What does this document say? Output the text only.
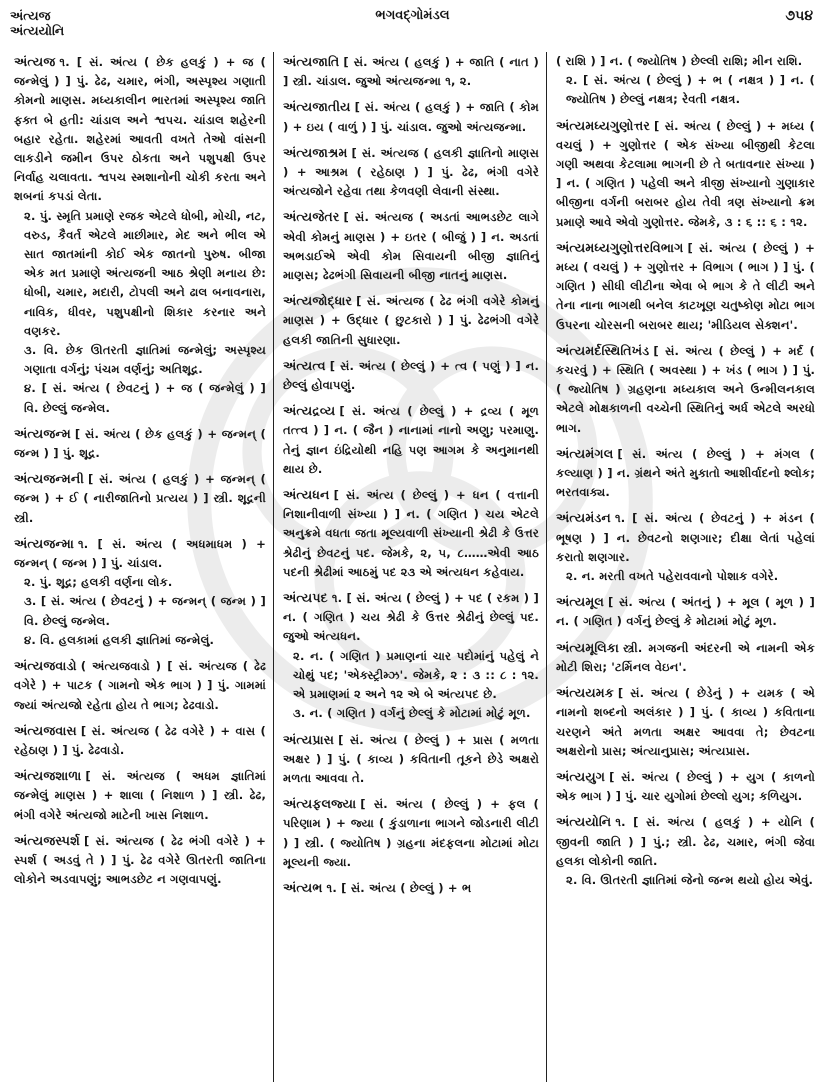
અંત્યજ
અંત્યયોનિ
ભગવદ્ગોમંડલ	૭૫૪
અંત્યજ ૧. [ સં. અંત્ય ( છેક હલકું ) + જ ( જન્મેલું ) ] પું. ઢેઢ, ચમાર, ભંગી, અસ્પૃશ્ય ગણાતી કોમનો માણસ. મધ્યકાલીન ભારતમાં અસ્પૃશ્ય જાતિ ફક્ત બે હતી: ચાંડાલ અને શ્વપચ. ચાંડાલ શહેરની બહાર રહેતા. શહેરમાં આવતી વખતે તેઓ વાંસની લાકડીને જમીન ઉપર ઠોકતા અને પશુપક્ષી ઉપર નિર્વાહ ચલાવતા. શ્વપચ સ્મશાનોની ચોકી કરતા અને શબનાં કપડાં લેતા.
૨. પું. સ્મૃતિ પ્રમાણે રજક એટલે ધોબી, મોચી, નટ, વરુડ, કૈવર્ત એટલે માછીમાર, મેદ અને ભીલ એ સાત જાતમાંની કોઈ એક જાતનો પુરુષ. બીજા એક મત પ્રમાણે અંત્યજની આઠ શ્રેણી મનાય છે: ધોબી, ચમાર, મદારી, ટોપલી અને ઢાલ બનાવનારા, નાવિક, ધીવર, પશુપક્ષીનો શિકાર કરનાર અને વણકર.
૩. વિ. છેક ઊતરતી જ્ઞાતિમાં જન્મેલું; અસ્પૃશ્ય ગણાતા વર્ગનું; પંચમ વર્ણનું; અતિશૂદ્ર.
૪. [ સં. અંત્ય ( છેવટનું ) + જ ( જન્મેલું ) ] વિ. છેલ્લું જન્મેલ.
અંત્યજન્મ [ સં. અંત્ય ( છેક હલકું ) + જન્મન્ ( જન્મ ) ] પું. શૂદ્ર.
અંત્યજન્મની [ સં. અંત્ય ( હલકું ) + જન્મન્ ( જન્મ ) + ઈ ( નારીજાતિનો પ્રત્યય ) ] સ્ત્રી. શૂદ્રની સ્ત્રી.
અંત્યજન્મા ૧. [ સં. અંત્ય ( અધમાધમ ) + જન્મન્ ( જન્મ ) ] પું. ચાંડાલ.
૨. પું. શૂદ્ર; હલકી વર્ણના લોક.
૩. [ સં. અંત્ય ( છેવટનું ) + જન્મન્ ( જન્મ ) ] વિ. છેલ્લું જન્મેલ.
૪. વિ. હલકામાં હલકી જ્ઞાતિમાં જન્મેલું.
અંત્યજવાડો ( અંત્યજવાડો ) [ સં. અંત્યજ ( ઢેઢ વગેરે ) + પાટક ( ગામનો એક ભાગ ) ] પું. ગામમાં જ્યાં અંત્યજો રહેતા હોય તે ભાગ; ઢેઢવાડો.
અંત્યજવાસ [ સં. અંત્યજ ( ઢેઢ વગેરે ) + વાસ ( રહેઠાણ ) ] પું. ઢેઢવાડો.
અંત્યજશાળા [ સં. અંત્યજ ( અધમ જ્ઞાતિમાં જન્મેલું માણસ ) + શાલા ( નિશાળ ) ] સ્ત્રી. ઢેઢ, ભંગી વગેરે અંત્યજો માટેની ખાસ નિશાળ.
અંત્યજસ્પર્શ [ સં. અંત્યજ ( ઢેઢ ભંગી વગેરે ) + સ્પર્શ ( અડવું તે ) ] પું. ઢેઢ વગેરે ઊતરતી જાતિના લોકોને અડવાપણું; આભડછેટ ન ગણવાપણું.
અંત્યજાતિ [ સં. અંત્ય ( હલકું ) + જાતિ ( નાત ) ] સ્ત્રી. ચાંડાલ. જુઓ અંત્યજન્મા ૧, ૨.
અંત્યજાતીય [ સં. અંત્ય ( હલકું ) + જાતિ ( કોમ ) + ઇય ( વાળું ) ] પું. ચાંડાલ. જુઓ અંત્યજન્મા.
અંત્યજાશ્રમ [ સં. અંત્યજ ( હલકી જ્ઞાતિનો માણસ ) + આશ્રમ ( રહેઠાણ ) ] પું. ઢેઢ, ભંગી વગેરે અંત્યજોને રહેવા તથા કેળવણી લેવાની સંસ્થા.
અંત્યજેતર [ સં. અંત્યજ ( અડતાં આભડછેટ લાગે એવી કોમનું માણસ ) + ઇતર ( બીજું ) ] ન. અડતાં અભડાઈએ એવી કોમ સિવાયની બીજી જ્ઞાતિનું માણસ; ઢેઢભંગી સિવાયની બીજી નાતનું માણસ.
અંત્યજોદ્ધાર [ સં. અંત્યજ ( ઢેઢ ભંગી વગેરે કોમનું માણસ ) + ઉદ્ધાર ( છુટકારો ) ] પું. ઢેઢભંગી વગેરે હલકી જાતિની સુધારણા.
અંત્યત્વ [ સં. અંત્ય ( છેલ્લું ) + ત્વ ( પણું ) ] ન. છેલ્લું હોવાપણું.
અંત્યદ્રવ્ય [ સં. અંત્ય ( છેલ્લું ) + દ્રવ્ય ( મૂળ તત્ત્વ ) ] ન. ( જૈન ) નાનામાં નાનો અણુ; પરમાણુ. તેનું જ્ઞાન ઇંદ્રિયોથી નહિ પણ આગમ કે અનુમાનથી થાય છે.
અંત્યધન [ સં. અંત્ય ( છેલ્લું ) + ધન ( વત્તાની નિશાનીવાળી સંખ્યા ) ] ન. ( ગણિત ) ચય એટલે અનુક્રમે વધતા જતા મૂલ્યવાળી સંખ્યાની શ્રેઢી કે ઉત્તર શ્રેઢીનું છેવટનું પદ. જેમકે, ૨, ૫, ૮……એવી આઠ પદની શ્રેઢીમાં આઠમું પદ ૨૩ એ અંત્યધન કહેવાય.
અંત્યપદ ૧. [ સં. અંત્ય ( છેલ્લું ) + પદ ( રકમ ) ] ન. ( ગણિત ) ચય શ્રેઢી કે ઉત્તર શ્રેઢીનું છેલ્લું પદ. જુઓ અંત્યધન.
૨. ન. ( ગણિત ) પ્રમાણનાં ચાર પદોમાંનું પહેલું ને ચોથું પદ; 'એક્સ્ટ્રીમ્ઝ'. જેમકે, ૨ : ૩ :: ૮ : ૧૨. એ પ્રમાણમાં ૨ અને ૧૨ એ બે અંત્યપદ છે.
૩. ન. ( ગણિત ) વર્ગનું છેલ્લું કે મોટામાં મોટું મૂળ.
અંત્યપ્રાસ [ સં. અંત્ય ( છેલ્લું ) + પ્રાસ ( મળતા અક્ષર ) ] પું. ( કાવ્ય ) કવિતાની તૂકને છેડે અક્ષરો મળતા આવવા તે.
અંત્યફલજ્યા [ સં. અંત્ય ( છેલ્લું ) + ફલ ( પરિણામ ) + જ્યા ( કુંડાળાના ભાગને જોડનારી લીટી ) ] સ્ત્રી. ( જ્યોતિષ ) ગ્રહના મંદફલના મોટામાં મોટા મૂલ્યની જ્યા.
અંત્યભ ૧. [ સં. અંત્ય ( છેલ્લું ) + ભ
( રાશિ ) ] ન. ( જ્યોતિષ ) છેલ્લી રાશિ; મીન રાશિ.
૨. [ સં. અંત્ય ( છેલ્લું ) + ભ ( નક્ષત્ર ) ] ન. ( જ્યોતિષ ) છેલ્લું નક્ષત્ર; રેવતી નક્ષત્ર.
અંત્યમધ્યગુણોત્તર [ સં. અંત્ય ( છેલ્લું ) + મધ્ય ( વચલું ) + ગુણોત્તર ( એક સંખ્યા બીજીથી કેટલા ગણી અથવા કેટલામા ભાગની છે તે બતાવનાર સંખ્યા ) ] ન. ( ગણિત ) પહેલી અને ત્રીજી સંખ્યાનો ગુણાકાર બીજીના વર્ગની બરાબર હોય તેવી ત્રણ સંખ્યાનો ક્રમ પ્રમાણે આવે એવો ગુણોત્તર. જેમકે, ૩ : ૬ :: ૬ : ૧૨.
અંત્યમધ્યગુણોત્તરવિભાગ [ સં. અંત્ય ( છેલ્લું ) + મધ્ય ( વચલું ) + ગુણોત્તર + વિભાગ ( ભાગ ) ] પું. ( ગણિત ) સીધી લીટીના એવા બે ભાગ કે તે લીટી અને તેના નાના ભાગથી બનેલ કાટખૂણ ચતુષ્કોણ મોટા ભાગ ઉપરના ચોરસની બરાબર થાય; 'મીડિયલ સેક્શન'.
અંત્યમર્દસ્થિતિખંડ [ સં. અંત્ય ( છેલ્લું ) + મર્દ ( કચરવું ) + સ્થિતિ ( અવસ્થા ) + ખંડ ( ભાગ ) ] પું. ( જ્યોતિષ ) ગ્રહણના મધ્યકાલ અને ઉન્મીલનકાલ એટલે મોક્ષકાળની વચ્ચેની સ્થિતિનું અર્ધ એટલે અરધો ભાગ.
અંત્યમંગલ [ સં. અંત્ય ( છેલ્લું ) + મંગલ ( કલ્યાણ ) ] ન. ગ્રંથને અંતે મુકાતો આશીર્વાદનો શ્લોક; ભરતવાક્ય.
અંત્યમંડન ૧. [ સં. અંત્ય ( છેવટનું ) + મંડન ( ભૂષણ ) ] ન. છેવટનો શણગાર; દીક્ષા લેતાં પહેલાં કરાતો શણગાર.
૨. ન. મરતી વખતે પહેરાવવાનો પોશાક વગેરે.
અંત્યમૂલ [ સં. અંત્ય ( અંતનું ) + મૂલ ( મૂળ ) ] ન. ( ગણિત ) વર્ગનું છેલ્લું કે મોટામાં મોટું મૂળ.
અંત્યમૂલિકા સ્ત્રી. મગજની અંદરની એ નામની એક મોટી શિરા; 'ટર્મિનલ વેઇન'.
અંત્યયમક [ સં. અંત્ય ( છેડેનું ) + યમક ( એ નામનો શબ્દનો અલંકાર ) ] પું. ( કાવ્ય ) કવિતાના ચરણને અંતે મળતા અક્ષર આવવા તે; છેવટના અક્ષરોનો પ્રાસ; અંત્યાનુપ્રાસ; અંત્યપ્રાસ.
અંત્યયુગ [ સં. અંત્ય ( છેલ્લું ) + યુગ ( કાળનો એક ભાગ ) ] પું. ચાર યુગોમાં છેલ્લો યુગ; કળિયુગ.
અંત્યયોનિ ૧. [ સં. અંત્ય ( હલકું ) + યોનિ ( જીવની જાતિ ) ] પું.; સ્ત્રી. ઢેઢ, ચમાર, ભંગી જેવા હલકા લોકોની જાતિ.
૨. વિ. ઊતરતી જ્ઞાતિમાં જેનો જન્મ થયો હોય એવું.
